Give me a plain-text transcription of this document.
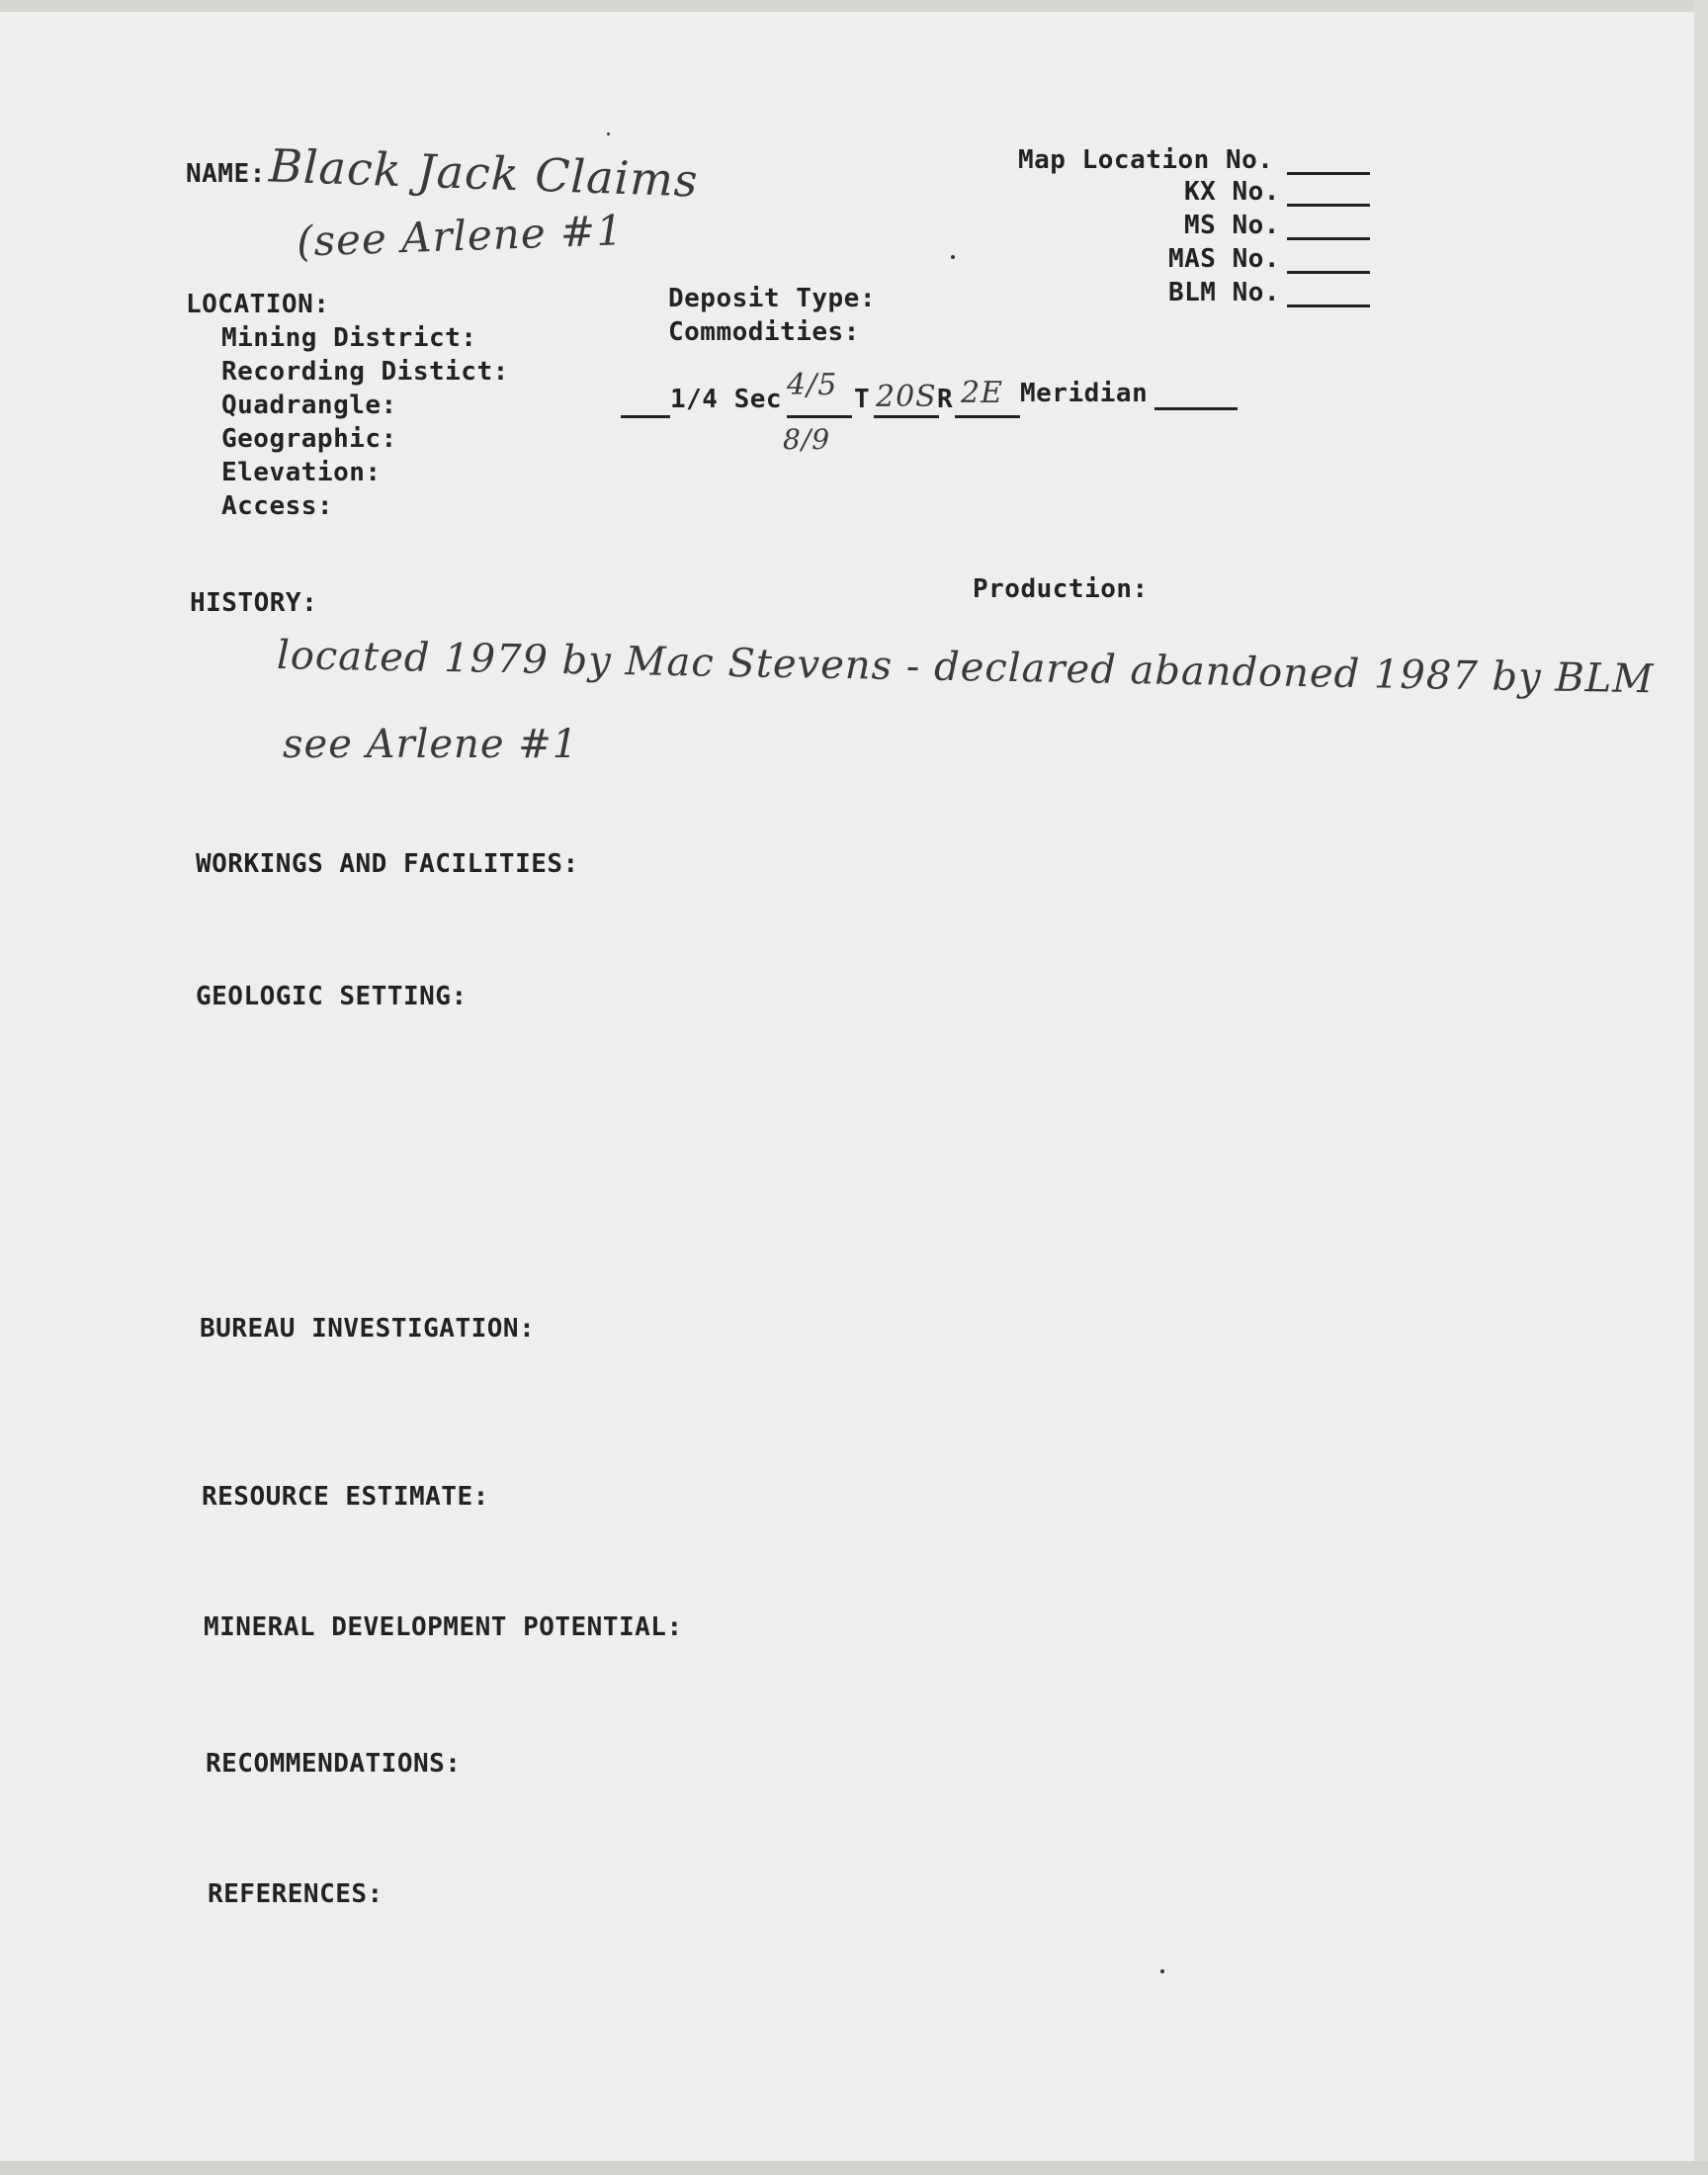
NAME: Black Jack Claims
(see Arlene #1
Map Location No.
KX No.
MS No.
MAS No.
BLM No.
LOCATION:
Mining District:
Recording Distict:
Quadrangle:
Geographic:
Elevation:
Access:
Deposit Type:
Commodities:
1/4 Sec 4/5
8/9
T 20S R 2E Meridian
HISTORY:	Production:
located 1979 by Mac Stevens - declared abandoned 1987 by BLM
see Arlene #1
WORKINGS AND FACILITIES:
GEOLOGIC SETTING:
BUREAU INVESTIGATION:
RESOURCE ESTIMATE:
MINERAL DEVELOPMENT POTENTIAL:
RECOMMENDATIONS:
REFERENCES:
